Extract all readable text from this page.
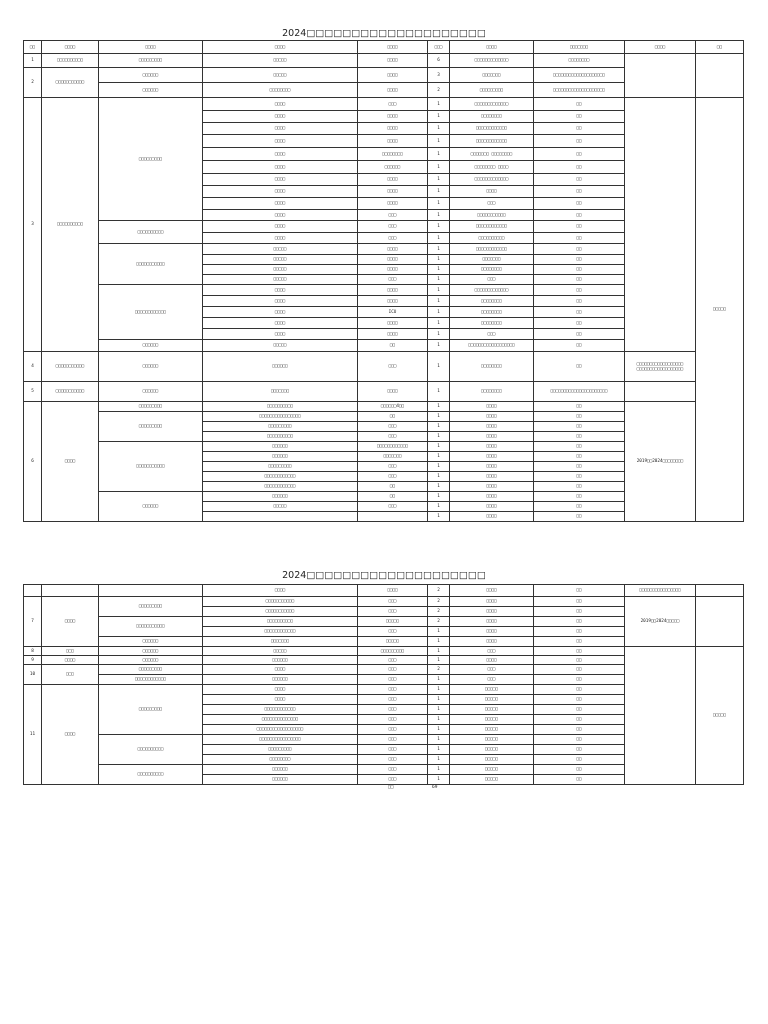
2024□□□□□□□□□□□□□□□□□□□□
□□	□□□□	□□□□	□□□□	□□□□	□□□	□□□□	□□□□□□□	□□□□	□□	
1	□□□□□□□□□□	□□□□□□□□□	□□□□□	□□□□	6	□□□□□□□□□□□□□	□□□□□□□□			
2	□□□□□□□□□□□	□□□□□□	□□□□□	□□□□	3	□□□□□□□	□□□□□□□□□□□□□□□□□□□□			
		□□□□□□	□□□□□□□□	□□□□	2	□□□□□□□□□	□□□□□□□□□□□□□□□□□□□□			
3	□□□□□□□□□□	□□□□□□□□□	□□□□	□□□	1	□□□□□□□□□□□□□	□□		□□□□□	
			□□□□	□□□□	1	□□□□□□□□	□□			
			□□□□	□□□□	1	□□□□□□□□□□□□	□□			
			□□□□	□□□□	1	□□□□□□□□□□□□	□□			
			□□□□	□□□□□□□□	1	□□□□□□□ □□□□□□□□	□□			
			□□□□	□□□□□□	1	□□□□□□□□ □□□□	□□			
			□□□□	□□□□	1	□□□□□□□□□□□□□	□□			
			□□□□	□□□□	1	□□□□	□□			
			□□□□	□□□□	1	□□□	□□			
			□□□□	□□□	1	□□□□□□□□□□□	□□			
		□□□□□□□□□□	□□□□	□□□	1	□□□□□□□□□□□□	□□			
			□□□□	□□□	1	□□□□□□□□□□	□□			
		□□□□□□□□□□□	□□□□□	□□□□	1	□□□□□□□□□□□□	□□			
			□□□□□	□□□□	1	□□□□□□□	□□			
			□□□□□	□□□□	1	□□□□□□□□	□□			
			□□□□□	□□□	1	□□□	□□			
		□□□□□□□□□□□□	□□□□	□□□□	1	□□□□□□□□□□□□□	□□			
			□□□□	□□□□	1	□□□□□□□□	□□			
			□□□□	ICU	1	□□□□□□□□	□□			
			□□□□	□□□□	1	□□□□□□□□	□□			
			□□□□	□□□□	1	□□□	□□			
		□□□□□□	□□□□□	□□	1	□□□□□□□□□□□□□□□□□□	□□			
4	□□□□□□□□□□□	□□□□□□	□□□□□□	□□□	1	□□□□□□□□	□□	□□□□□□□□□□□□□□□□□□ □□□□□□□□□□□□□□□□□□		
5	□□□□□□□□□□□	□□□□□□	□□□□□□□	□□□□	1	□□□□□□□□	□□□□□□□□□□□□□□□□□□□□□□			
6	□□□□	□□□□□□□□□	□□□□□□□□□□	□□□□□□4□□	1	□□□□	□□	2019□□2024□□□□□□□□		
		□□□□□□□□□	□□□□□□□□□□□□□□□□	□□	1	□□□□	□□			
			□□□□□□□□□	□□□	1	□□□□	□□			
			□□□□□□□□□□	□□□	1	□□□□	□□			
		□□□□□□□□□□□	□□□□□□	□□□□□□□□□□□□	1	□□□□	□□			
			□□□□□□	□□□□□□□	1	□□□□	□□			
			□□□□□□□□□	□□□	1	□□□□	□□			
			□□□□□□□□□□□□	□□□	1	□□□□	□□			
			□□□□□□□□□□□□	□□	1	□□□□	□□			
		□□□□□□	□□□□□□	□□	1	□□□□	□□			
			□□□□□	□□□	1	□□□□	□□			
					1	□□□□	□□			
2024□□□□□□□□□□□□□□□□□□□□
			□□□□	□□□□	2	□□□□	□□	□□□□□□□□□□□□□□□□		
7	□□□□	□□□□□□□□□	□□□□□□□□□□□	□□□	2	□□□□	□□	2019□□2024□□□□□		
			□□□□□□□□□□□	□□□	2	□□□□	□□			
		□□□□□□□□□□□	□□□□□□□□□□	□□□□□	2	□□□□	□□			
			□□□□□□□□□□□□	□□□	1	□□□□	□□			
		□□□□□□	□□□□□□□	□□□□□	1	□□□□	□□			
8	□□□	□□□□□□	□□□□□	□□□□□□□□□	1	□□□	□□		□□□□□	
9	□□□□	□□□□□□	□□□□□□	□□□	1	□□□□	□□			
10	□□□	□□□□□□□□□	□□□□	□□□	2	□□□	□□			
		□□□□□□□□□□□□	□□□□□□	□□□	1	□□□	□□			
11	□□□□	□□□□□□□□□	□□□□	□□□	1	□□□□□	□□	
			□□□□	□□□	1	□□□□□	□□			
			□□□□□□□□□□□□	□□□	1	□□□□□	□□			
			□□□□□□□□□□□□□□	□□□	1	□□□□□	□□			
			□□□□□□□□□□□□□□□□□□	□□□	1	□□□□□	□□			
		□□□□□□□□□□	□□□□□□□□□□□□□□□□	□□□	1	□□□□□	□□			
			□□□□□□□□□	□□□	1	□□□□□	□□			
			□□□□□□□□	□□□	1	□□□□□	□□			
		□□□□□□□□□□	□□□□□□	□□□	1	□□□□□	□□			
			□□□□□□	□□□	1	□□□□□	□□			
□□	69
